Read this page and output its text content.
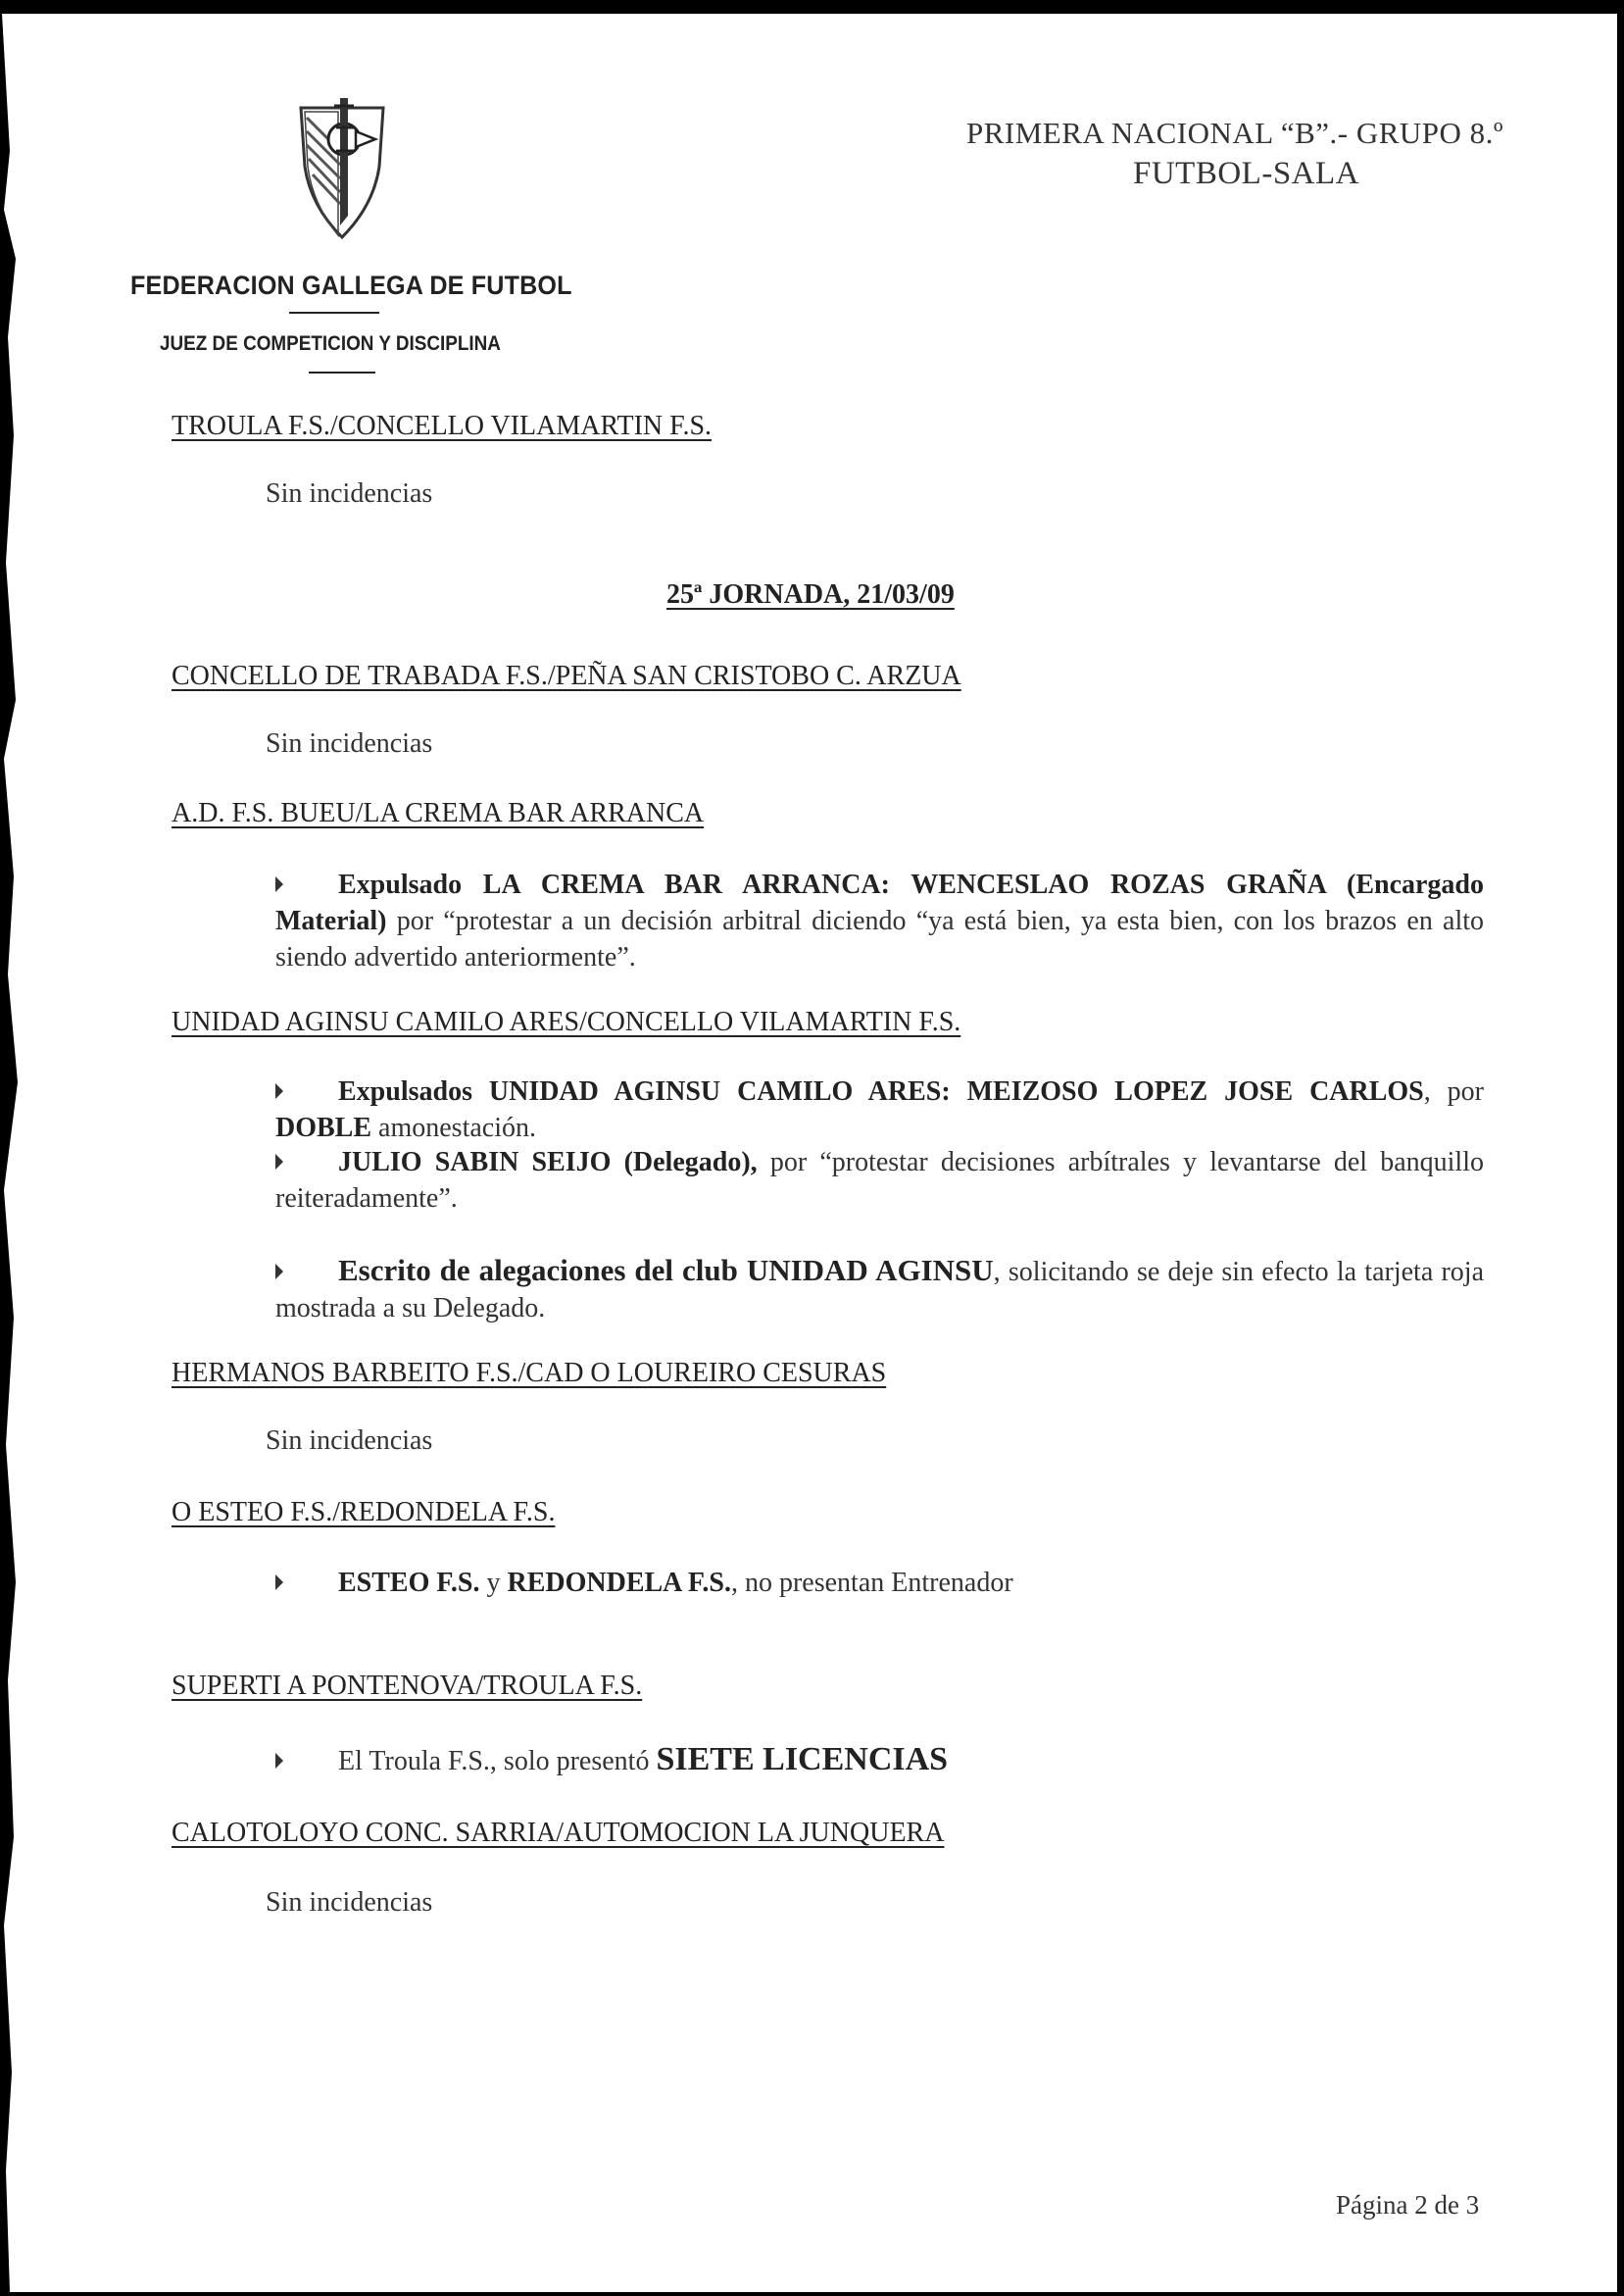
FEDERACION GALLEGA DE FUTBOL
JUEZ DE COMPETICION Y DISCIPLINA
PRIMERA NACIONAL “B”.- GRUPO 8.º
FUTBOL-SALA
TROULA F.S./CONCELLO VILAMARTIN F.S.
Sin incidencias
25ª JORNADA, 21/03/09
CONCELLO DE TRABADA F.S./PEÑA SAN CRISTOBO C. ARZUA
Sin incidencias
A.D. F.S. BUEU/LA CREMA BAR ARRANCA
Expulsado LA CREMA BAR ARRANCA: WENCESLAO ROZAS GRAÑA (Encargado Material) por “protestar a un decisión arbitral diciendo “ya está bien, ya esta bien, con los brazos en alto siendo advertido anteriormente”.
UNIDAD AGINSU CAMILO ARES/CONCELLO VILAMARTIN F.S.
Expulsados UNIDAD AGINSU CAMILO ARES: MEIZOSO LOPEZ JOSE CARLOS, por DOBLE amonestación.
JULIO SABIN SEIJO (Delegado), por “protestar decisiones arbítrales y levantarse del banquillo reiteradamente”.
Escrito de alegaciones del club UNIDAD AGINSU, solicitando se deje sin efecto la tarjeta roja mostrada a su Delegado.
HERMANOS BARBEITO F.S./CAD O LOUREIRO CESURAS
Sin incidencias
O ESTEO F.S./REDONDELA F.S.
ESTEO F.S. y REDONDELA F.S., no presentan Entrenador
SUPERTI A PONTENOVA/TROULA F.S.
El Troula F.S., solo presentó SIETE LICENCIAS
CALOTOLOYO CONC. SARRIA/AUTOMOCION LA JUNQUERA
Sin incidencias
Página 2 de 3
